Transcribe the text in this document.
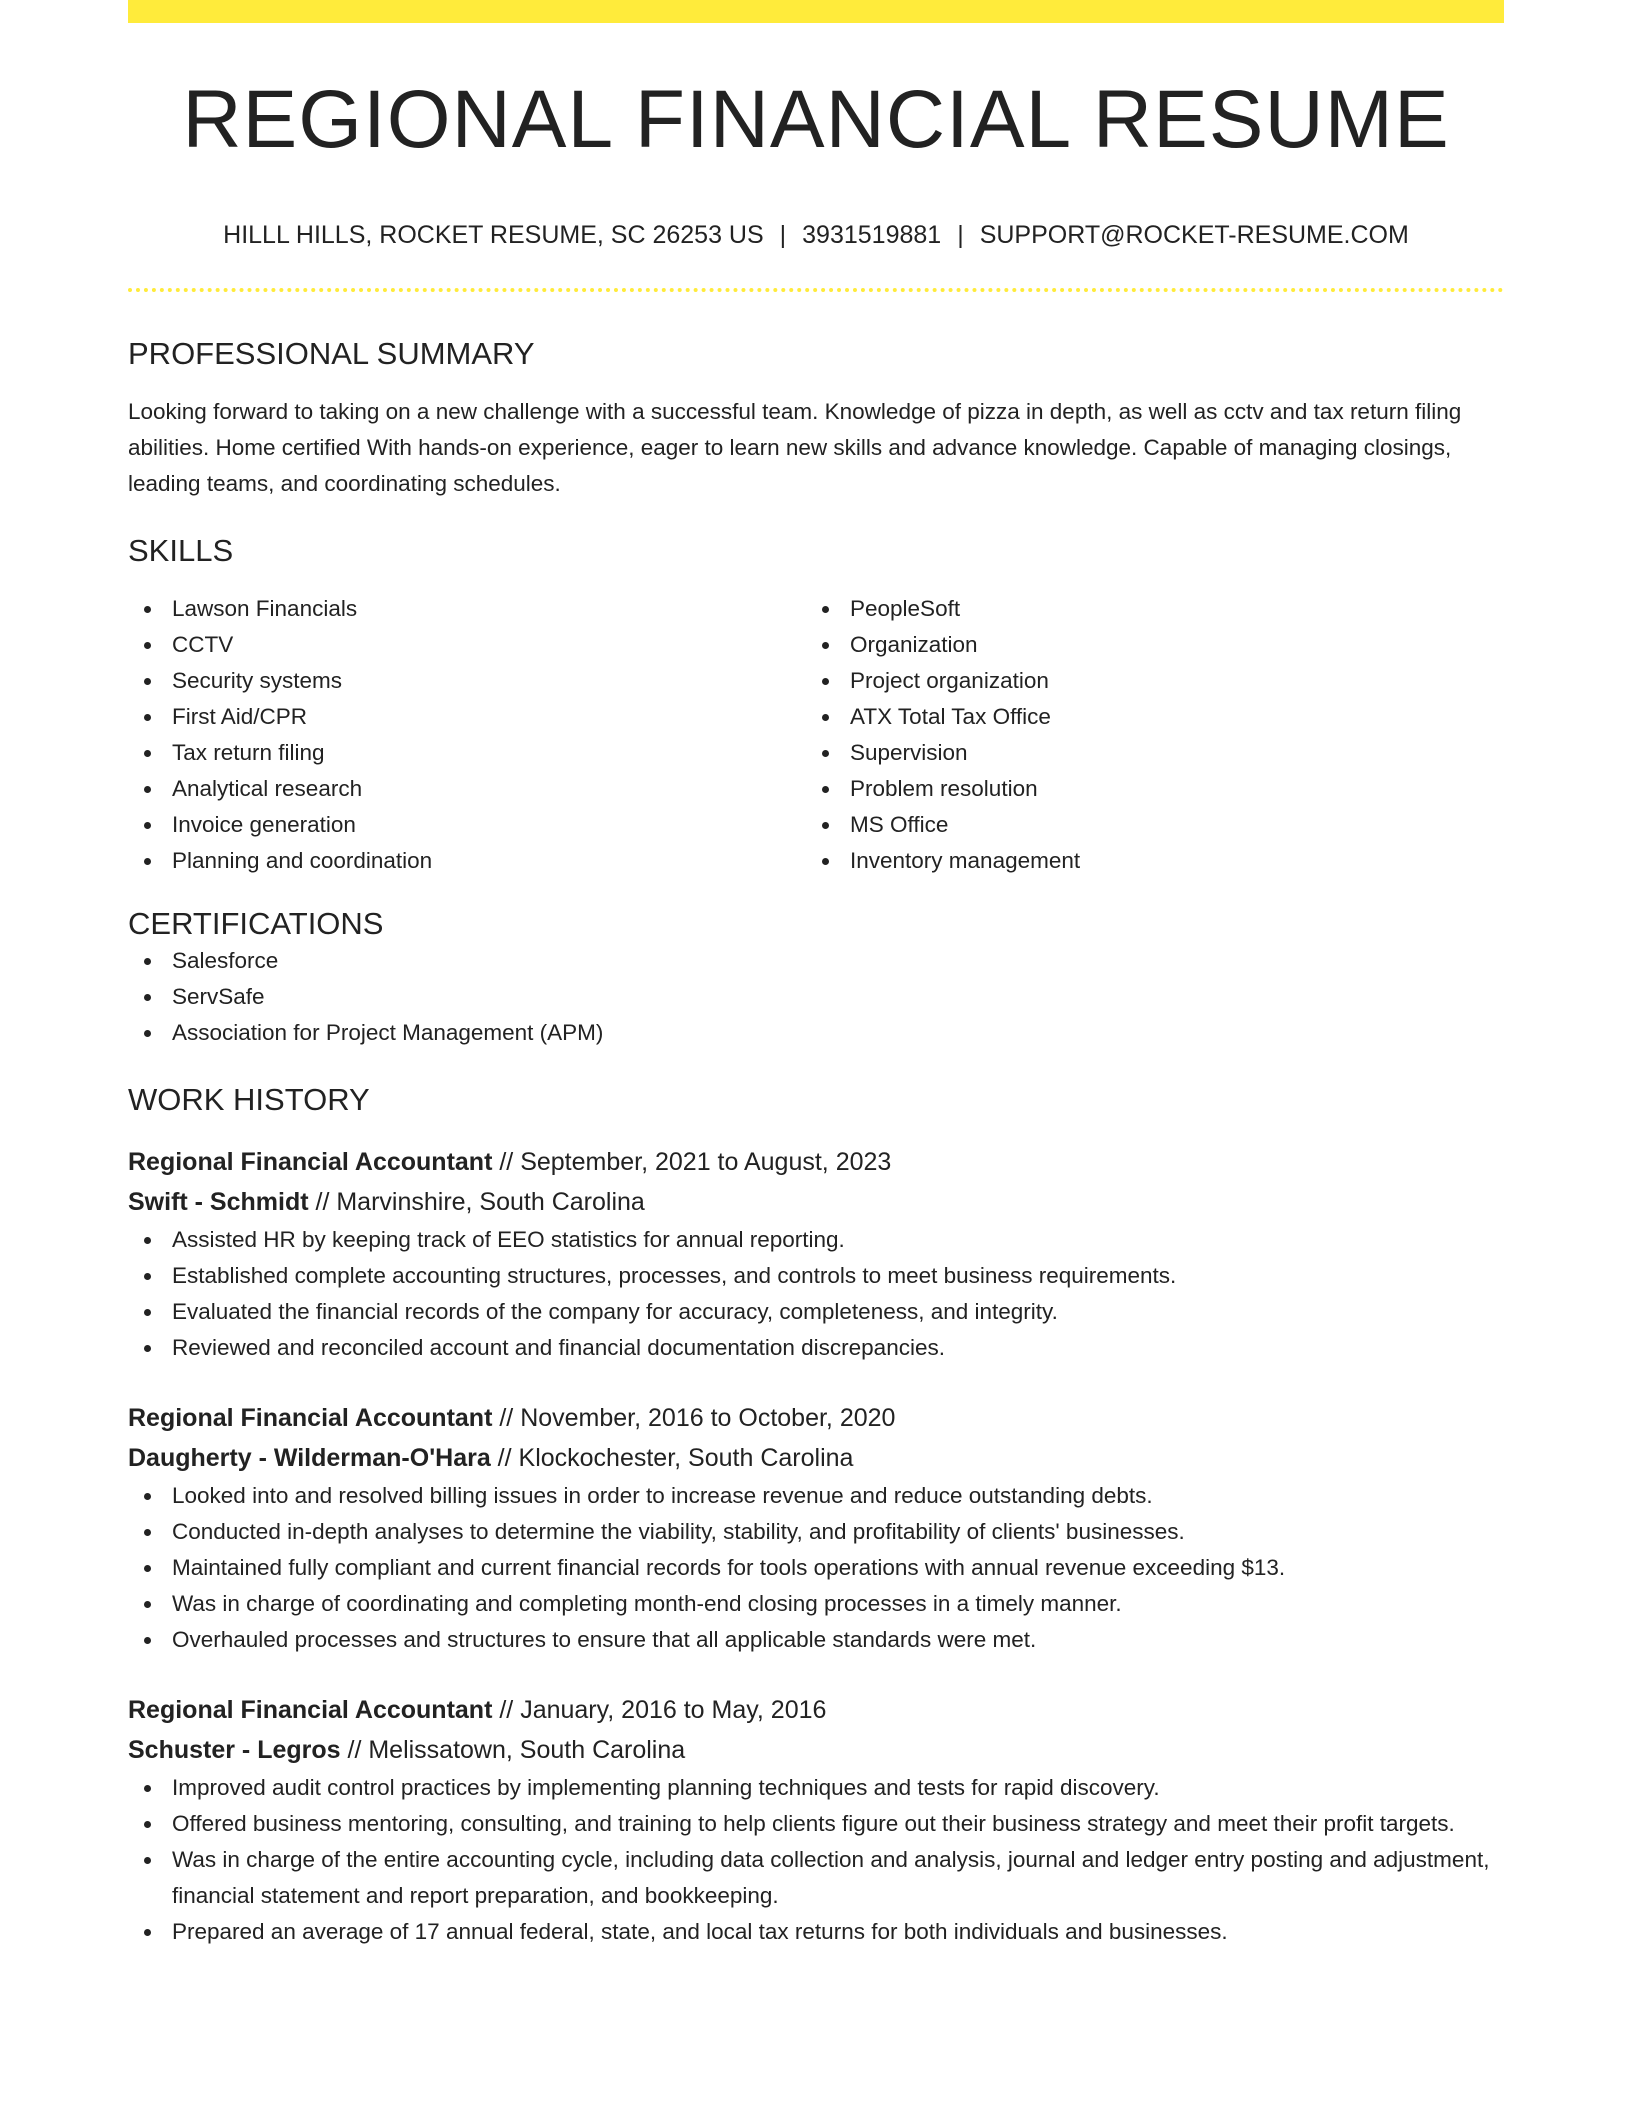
REGIONAL FINANCIAL RESUME
HILLL HILLS, ROCKET RESUME, SC 26253 US | 3931519881 | SUPPORT@ROCKET-RESUME.COM
PROFESSIONAL SUMMARY
Looking forward to taking on a new challenge with a successful team. Knowledge of pizza in depth, as well as cctv and tax return filing abilities. Home certified With hands-on experience, eager to learn new skills and advance knowledge. Capable of managing closings, leading teams, and coordinating schedules.
SKILLS
Lawson Financials
CCTV
Security systems
First Aid/CPR
Tax return filing
Analytical research
Invoice generation
Planning and coordination
PeopleSoft
Organization
Project organization
ATX Total Tax Office
Supervision
Problem resolution
MS Office
Inventory management
CERTIFICATIONS
Salesforce
ServSafe
Association for Project Management (APM)
WORK HISTORY
Regional Financial Accountant // September, 2021 to August, 2023
Swift - Schmidt // Marvinshire, South Carolina
Assisted HR by keeping track of EEO statistics for annual reporting.
Established complete accounting structures, processes, and controls to meet business requirements.
Evaluated the financial records of the company for accuracy, completeness, and integrity.
Reviewed and reconciled account and financial documentation discrepancies.
Regional Financial Accountant // November, 2016 to October, 2020
Daugherty - Wilderman-O'Hara // Klockochester, South Carolina
Looked into and resolved billing issues in order to increase revenue and reduce outstanding debts.
Conducted in-depth analyses to determine the viability, stability, and profitability of clients' businesses.
Maintained fully compliant and current financial records for tools operations with annual revenue exceeding $13.
Was in charge of coordinating and completing month-end closing processes in a timely manner.
Overhauled processes and structures to ensure that all applicable standards were met.
Regional Financial Accountant // January, 2016 to May, 2016
Schuster - Legros // Melissatown, South Carolina
Improved audit control practices by implementing planning techniques and tests for rapid discovery.
Offered business mentoring, consulting, and training to help clients figure out their business strategy and meet their profit targets.
Was in charge of the entire accounting cycle, including data collection and analysis, journal and ledger entry posting and adjustment, financial statement and report preparation, and bookkeeping.
Prepared an average of 17 annual federal, state, and local tax returns for both individuals and businesses.
